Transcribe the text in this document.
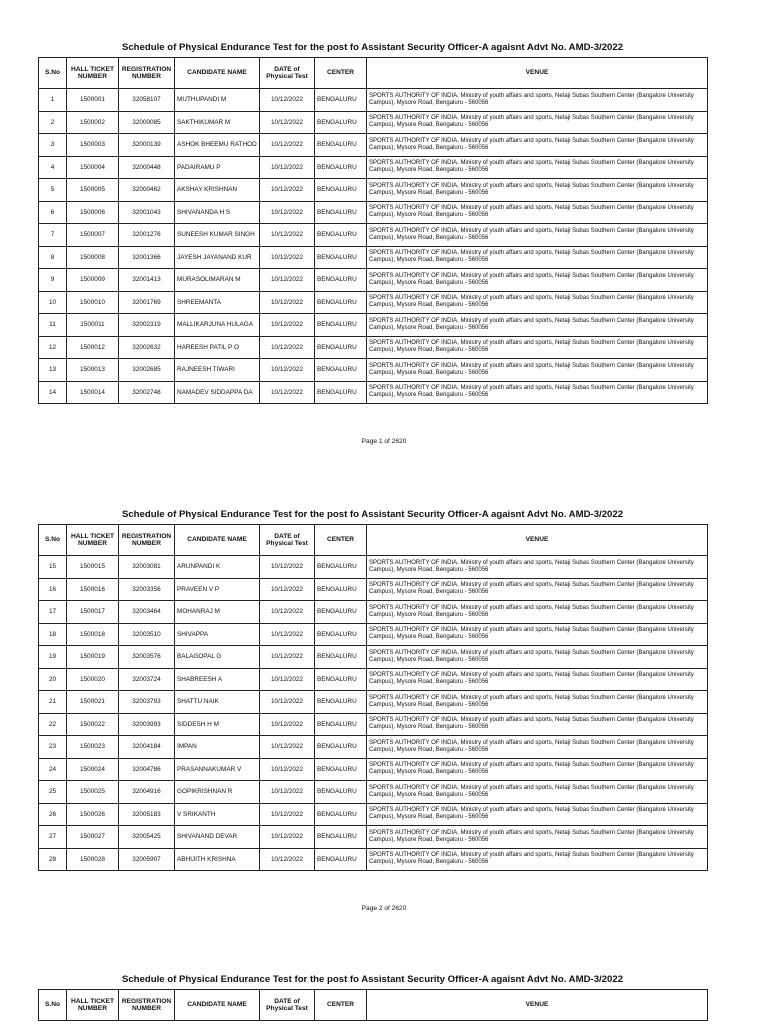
Schedule of Physical Endurance Test for the post fo Assistant Security Officer-A agaisnt Advt No. AMD-3/2022
S.No	HALL TICKET NUMBER	REGISTRATION NUMBER	CANDIDATE NAME	DATE of Physical Test	CENTER	VENUE
1	1500001	32058107	MUTHUPANDI M	10/12/2022	BENGALURU	SPORTS AUTHORITY OF INDIA, Ministry of youth affairs and sports, Netaji Subas Southern Center (Bangalore University Campus), Mysore Road, Bengaluru - 560056
2	1500002	32000085	SAKTHIKUMAR M	10/12/2022	BENGALURU	SPORTS AUTHORITY OF INDIA, Ministry of youth affairs and sports, Netaji Subas Southern Center (Bangalore University Campus), Mysore Road, Bengaluru - 560056
3	1500003	32000139	ASHOK BHEEMU RATHOD	10/12/2022	BENGALURU	SPORTS AUTHORITY OF INDIA, Ministry of youth affairs and sports, Netaji Subas Southern Center (Bangalore University Campus), Mysore Road, Bengaluru - 560056
4	1500004	32000448	PADAIRAMU P	10/12/2022	BENGALURU	SPORTS AUTHORITY OF INDIA, Ministry of youth affairs and sports, Netaji Subas Southern Center (Bangalore University Campus), Mysore Road, Bengaluru - 560056
5	1500005	32000462	AKSHAY KRISHNAN	10/12/2022	BENGALURU	SPORTS AUTHORITY OF INDIA, Ministry of youth affairs and sports, Netaji Subas Southern Center (Bangalore University Campus), Mysore Road, Bengaluru - 560056
6	1500006	32001043	SHIVANANDA H S	10/12/2022	BENGALURU	SPORTS AUTHORITY OF INDIA, Ministry of youth affairs and sports, Netaji Subas Southern Center (Bangalore University Campus), Mysore Road, Bengaluru - 560056
7	1500007	32001276	SUNEESH KUMAR SINGH	10/12/2022	BENGALURU	SPORTS AUTHORITY OF INDIA, Ministry of youth affairs and sports, Netaji Subas Southern Center (Bangalore University Campus), Mysore Road, Bengaluru - 560056
8	1500008	32001366	JAYESH JAYANAND KUR	10/12/2022	BENGALURU	SPORTS AUTHORITY OF INDIA, Ministry of youth affairs and sports, Netaji Subas Southern Center (Bangalore University Campus), Mysore Road, Bengaluru - 560056
9	1500009	32001413	MURASOLIMARAN M	10/12/2022	BENGALURU	SPORTS AUTHORITY OF INDIA, Ministry of youth affairs and sports, Netaji Subas Southern Center (Bangalore University Campus), Mysore Road, Bengaluru - 560056
10	1500010	32001769	SHREEMANTA	10/12/2022	BENGALURU	SPORTS AUTHORITY OF INDIA, Ministry of youth affairs and sports, Netaji Subas Southern Center (Bangalore University Campus), Mysore Road, Bengaluru - 560056
11	1500011	32002319	MALLIKARJUNA HULAGA	10/12/2022	BENGALURU	SPORTS AUTHORITY OF INDIA, Ministry of youth affairs and sports, Netaji Subas Southern Center (Bangalore University Campus), Mysore Road, Bengaluru - 560056
12	1500012	32002632	HAREESH PATIL P O	10/12/2022	BENGALURU	SPORTS AUTHORITY OF INDIA, Ministry of youth affairs and sports, Netaji Subas Southern Center (Bangalore University Campus), Mysore Road, Bengaluru - 560056
13	1500013	32002685	RAJNEESH TIWARI	10/12/2022	BENGALURU	SPORTS AUTHORITY OF INDIA, Ministry of youth affairs and sports, Netaji Subas Southern Center (Bangalore University Campus), Mysore Road, Bengaluru - 560056
14	1500014	32002748	NAMADEV SIDDAPPA DA	10/12/2022	BENGALURU	SPORTS AUTHORITY OF INDIA, Ministry of youth affairs and sports, Netaji Subas Southern Center (Bangalore University Campus), Mysore Road, Bengaluru - 560056
Page 1 of 2620
Schedule of Physical Endurance Test for the post fo Assistant Security Officer-A agaisnt Advt No. AMD-3/2022
S.No	HALL TICKET NUMBER	REGISTRATION NUMBER	CANDIDATE NAME	DATE of Physical Test	CENTER	VENUE
15	1500015	32003081	ARUNPANDI K	10/12/2022	BENGALURU	SPORTS AUTHORITY OF INDIA, Ministry of youth affairs and sports, Netaji Subas Southern Center (Bangalore University Campus), Mysore Road, Bengaluru - 560056
16	1500016	32003356	PRAVEEN V P	10/12/2022	BENGALURU	SPORTS AUTHORITY OF INDIA, Ministry of youth affairs and sports, Netaji Subas Southern Center (Bangalore University Campus), Mysore Road, Bengaluru - 560056
17	1500017	32003464	MOHANRAJ M	10/12/2022	BENGALURU	SPORTS AUTHORITY OF INDIA, Ministry of youth affairs and sports, Netaji Subas Southern Center (Bangalore University Campus), Mysore Road, Bengaluru - 560056
18	1500018	32003510	SHIVAPPA	10/12/2022	BENGALURU	SPORTS AUTHORITY OF INDIA, Ministry of youth affairs and sports, Netaji Subas Southern Center (Bangalore University Campus), Mysore Road, Bengaluru - 560056
19	1500019	32003576	BALAGOPAL G	10/12/2022	BENGALURU	SPORTS AUTHORITY OF INDIA, Ministry of youth affairs and sports, Netaji Subas Southern Center (Bangalore University Campus), Mysore Road, Bengaluru - 560056
20	1500020	32003724	SHABREESH A	10/12/2022	BENGALURU	SPORTS AUTHORITY OF INDIA, Ministry of youth affairs and sports, Netaji Subas Southern Center (Bangalore University Campus), Mysore Road, Bengaluru - 560056
21	1500021	32003793	SHATTU NAIK	10/12/2022	BENGALURU	SPORTS AUTHORITY OF INDIA, Ministry of youth affairs and sports, Netaji Subas Southern Center (Bangalore University Campus), Mysore Road, Bengaluru - 560056
22	1500022	32003993	SIDDESH H M	10/12/2022	BENGALURU	SPORTS AUTHORITY OF INDIA, Ministry of youth affairs and sports, Netaji Subas Southern Center (Bangalore University Campus), Mysore Road, Bengaluru - 560056
23	1500023	32004184	IMPAN	10/12/2022	BENGALURU	SPORTS AUTHORITY OF INDIA, Ministry of youth affairs and sports, Netaji Subas Southern Center (Bangalore University Campus), Mysore Road, Bengaluru - 560056
24	1500024	32004786	PRASANNAKUMAR V	10/12/2022	BENGALURU	SPORTS AUTHORITY OF INDIA, Ministry of youth affairs and sports, Netaji Subas Southern Center (Bangalore University Campus), Mysore Road, Bengaluru - 560056
25	1500025	32004916	GOPIKRISHNAN R	10/12/2022	BENGALURU	SPORTS AUTHORITY OF INDIA, Ministry of youth affairs and sports, Netaji Subas Southern Center (Bangalore University Campus), Mysore Road, Bengaluru - 560056
26	1500026	32005183	V SRIKANTH	10/12/2022	BENGALURU	SPORTS AUTHORITY OF INDIA, Ministry of youth affairs and sports, Netaji Subas Southern Center (Bangalore University Campus), Mysore Road, Bengaluru - 560056
27	1500027	32005425	SHIVANAND DEVAR	10/12/2022	BENGALURU	SPORTS AUTHORITY OF INDIA, Ministry of youth affairs and sports, Netaji Subas Southern Center (Bangalore University Campus), Mysore Road, Bengaluru - 560056
28	1500028	32005907	ABHIJITH KRISHNA	10/12/2022	BENGALURU	SPORTS AUTHORITY OF INDIA, Ministry of youth affairs and sports, Netaji Subas Southern Center (Bangalore University Campus), Mysore Road, Bengaluru - 560056
Page 2 of 2620
Schedule of Physical Endurance Test for the post fo Assistant Security Officer-A agaisnt Advt No. AMD-3/2022
S.No	HALL TICKET NUMBER	REGISTRATION NUMBER	CANDIDATE NAME	DATE of Physical Test	CENTER	VENUE
